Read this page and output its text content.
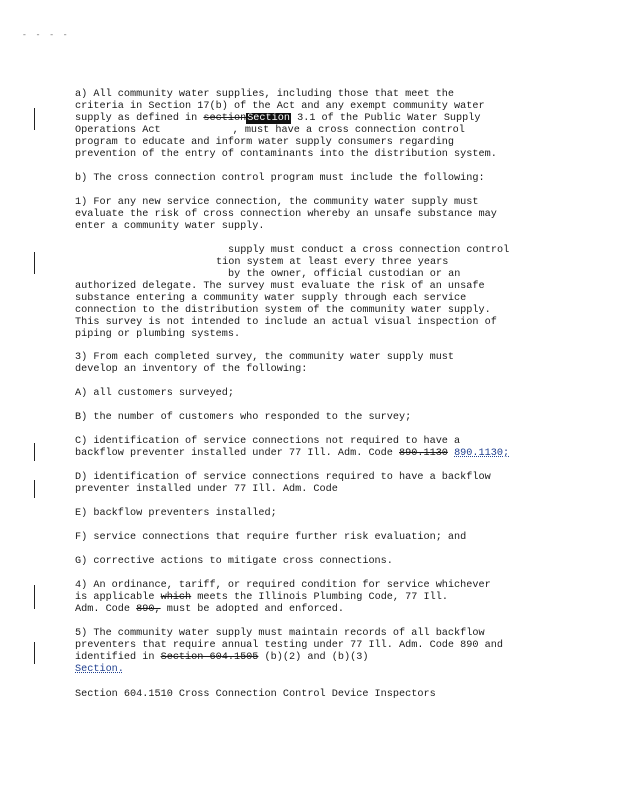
- - - -
a) All community water supplies, including those that meet the
criteria in Section 17(b) of the Act and any exempt community water
supply as defined in sectionSection 3.1 of the Public Water Supply
Operations Act	, must have a cross connection control
program to educate and inform water supply consumers regarding
prevention of the entry of contaminants into the distribution system.
b) The cross connection control program must include the following:
1) For any new service connection, the community water supply must
evaluate the risk of cross connection whereby an unsafe substance may
enter a community water supply.
supply must conduct a cross connection control
tion system at least every three years
by the owner, official custodian or an
authorized delegate. The survey must evaluate the risk of an unsafe
substance entering a community water supply through each service
connection to the distribution system of the community water supply.
This survey is not intended to include an actual visual inspection of
piping or plumbing systems.
3) From each completed survey, the community water supply must
develop an inventory of the following:
A) all customers surveyed;
B) the number of customers who responded to the survey;
C) identification of service connections not required to have a
backflow preventer installed under 77 Ill. Adm. Code 890.1130 890.1130;
D) identification of service connections required to have a backflow
preventer installed under 77 Ill. Adm. Code
E) backflow preventers installed;
F) service connections that require further risk evaluation; and
G) corrective actions to mitigate cross connections.
4) An ordinance, tariff, or required condition for service whichever
is applicable which meets the Illinois Plumbing Code, 77 Ill.
Adm. Code 890, must be adopted and enforced.
5) The community water supply must maintain records of all backflow
preventers that require annual testing under 77 Ill. Adm. Code 890 and
identified in Section 604.1505 (b)(2) and (b)(3)
Section.
Section 604.1510 Cross Connection Control Device Inspectors
